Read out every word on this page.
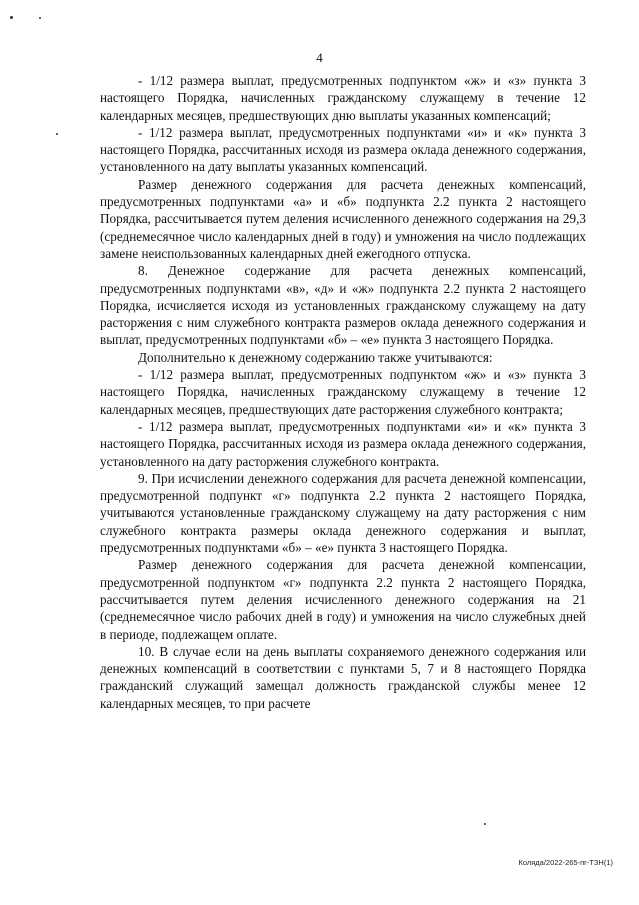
4

- 1/12 размера выплат, предусмотренных подпунктом «ж» и «з» пункта 3 настоящего Порядка, начисленных гражданскому служащему в течение 12 календарных месяцев, предшествующих дню выплаты указанных компенсаций;

- 1/12 размера выплат, предусмотренных подпунктами «и» и «к» пункта 3 настоящего Порядка, рассчитанных исходя из размера оклада денежного содержания, установленного на дату выплаты указанных компенсаций.

Размер денежного содержания для расчета денежных компенсаций, предусмотренных подпунктами «а» и «б» подпункта 2.2 пункта 2 настоящего Порядка, рассчитывается путем деления исчисленного денежного содержания на 29,3 (среднемесячное число календарных дней в году) и умножения на число подлежащих замене неиспользованных календарных дней ежегодного отпуска.

8. Денежное содержание для расчета денежных компенсаций, предусмотренных подпунктами «в», «д» и «ж» подпункта 2.2 пункта 2 настоящего Порядка, исчисляется исходя из установленных гражданскому служащему на дату расторжения с ним служебного контракта размеров оклада денежного содержания и выплат, предусмотренных подпунктами «б» – «е» пункта 3 настоящего Порядка.

Дополнительно к денежному содержанию также учитываются:

- 1/12 размера выплат, предусмотренных подпунктом «ж» и «з» пункта 3 настоящего Порядка, начисленных гражданскому служащему в течение 12 календарных месяцев, предшествующих дате расторжения служебного контракта;

- 1/12 размера выплат, предусмотренных подпунктами «и» и «к» пункта 3 настоящего Порядка, рассчитанных исходя из размера оклада денежного содержания, установленного на дату расторжения служебного контракта.

9. При исчислении денежного содержания для расчета денежной компенсации, предусмотренной подпункт «г» подпункта 2.2 пункта 2 настоящего Порядка, учитываются установленные гражданскому служащему на дату расторжения с ним служебного контракта размеры оклада денежного содержания и выплат, предусмотренных подпунктами «б» – «е» пункта 3 настоящего Порядка.

Размер денежного содержания для расчета денежной компенсации, предусмотренной подпунктом «г» подпункта 2.2 пункта 2 настоящего Порядка, рассчитывается путем деления исчисленного денежного содержания на 21 (среднемесячное число рабочих дней в году) и умножения на число служебных дней в периоде, подлежащем оплате.

10. В случае если на день выплаты сохраняемого денежного содержания или денежных компенсаций в соответствии с пунктами 5, 7 и 8 настоящего Порядка гражданский служащий замещал должность гражданской службы менее 12 календарных месяцев, то при расчете

Коляда/2022-265-пг-ТЗН(1)
